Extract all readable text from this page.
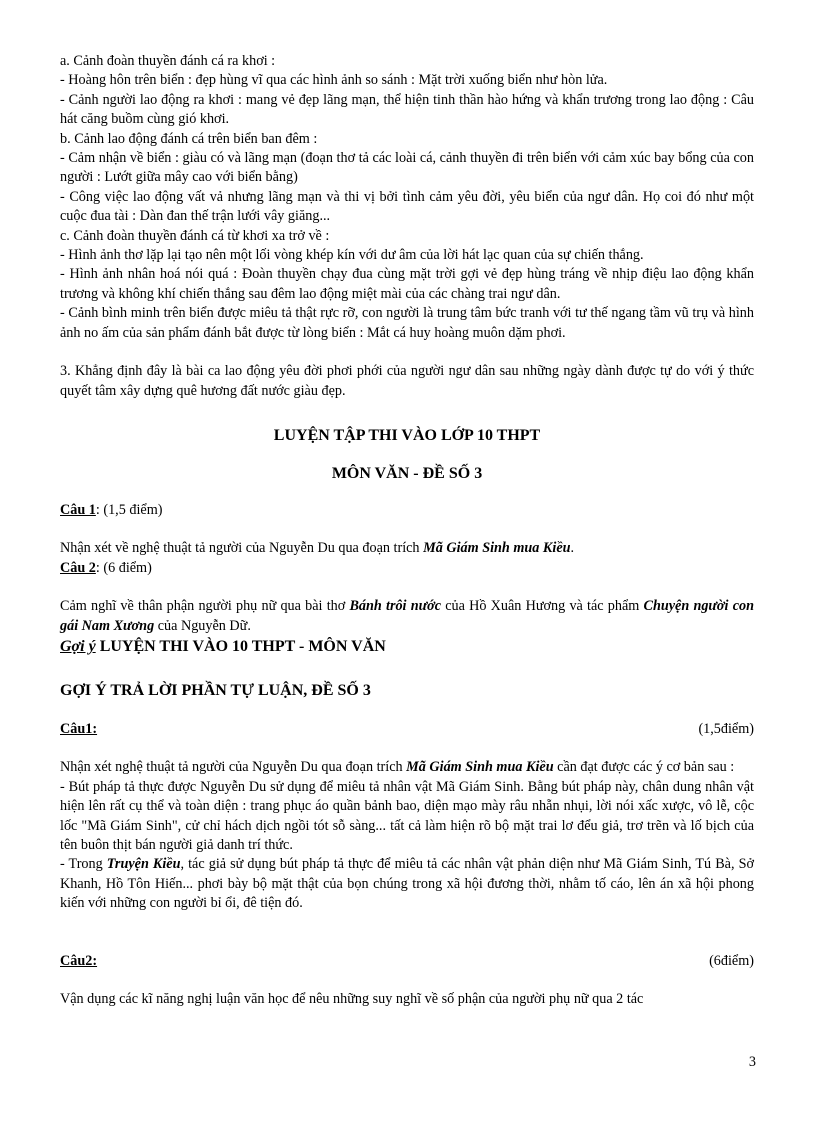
a. Cảnh đoàn thuyền đánh cá ra khơi :

- Hoàng hôn trên biển : đẹp hùng vĩ qua các hình ảnh so sánh : Mặt trời xuống biển như hòn lửa.

- Cảnh người lao động ra khơi : mang vẻ đẹp lãng mạn, thể hiện tinh thần hào hứng và khẩn trương trong lao động : Câu hát căng buồm cùng gió khơi.

b. Cảnh lao động đánh cá trên biển ban đêm :

- Cảm nhận về biển : giàu có và lãng mạn (đoạn thơ tả các loài cá, cảnh thuyền đi trên biển với cảm xúc bay bổng của con người : Lướt giữa mây cao với biển bằng)

- Công việc lao động vất vả nhưng lãng mạn và thi vị bởi tình cảm yêu đời, yêu biển của ngư dân. Họ coi đó như một cuộc đua tài : Dàn đan thế trận lưới vây giăng...

c. Cảnh đoàn thuyền đánh cá từ khơi xa trở về :

- Hình ảnh thơ lặp lại tạo nên một lối vòng khép kín với dư âm của lời hát lạc quan của sự chiến thắng.

- Hình ảnh nhân hoá nói quá : Đoàn thuyền chạy đua cùng mặt trời gợi vẻ đẹp hùng tráng về nhịp điệu lao động khẩn trương và không khí chiến thắng sau đêm lao động miệt mài của các chàng trai ngư dân.

- Cảnh bình minh trên biển được miêu tả thật rực rỡ, con người là trung tâm bức tranh với tư thế ngang tầm vũ trụ và hình ảnh no ấm của sản phẩm đánh bắt được từ lòng biển : Mắt cá huy hoàng muôn dặm phơi.

3. Khẳng định đây là bài ca lao động yêu đời phơi phới của người ngư dân sau những ngày dành được tự do với ý thức quyết tâm xây dựng quê hương đất nước giàu đẹp.

LUYỆN TẬP THI VÀO LỚP 10 THPT

MÔN VĂN - ĐỀ SỐ 3

Câu 1: (1,5 điểm)

Nhận xét về nghệ thuật tả người của Nguyễn Du qua đoạn trích Mã Giám Sinh mua Kiều.

Câu 2: (6 điểm)

Cảm nghĩ về thân phận người phụ nữ qua bài thơ Bánh trôi nước của Hồ Xuân Hương và tác phẩm Chuyện người con gái Nam Xương của Nguyễn Dữ.

Gợi ý LUYỆN THI VÀO 10 THPT - MÔN VĂN

GỢI Ý TRẢ LỜI PHẦN TỰ LUẬN, ĐỀ SỐ 3

Câu1:	(1,5điểm)

Nhận xét nghệ thuật tả người của Nguyễn Du qua đoạn trích Mã Giám Sinh mua Kiều cần đạt được các ý cơ bản sau :

- Bút pháp tả thực được Nguyễn Du sử dụng để miêu tả nhân vật Mã Giám Sinh. Bằng bút pháp này, chân dung nhân vật hiện lên rất cụ thể và toàn diện : trang phục áo quần bảnh bao, diện mạo mày râu nhẵn nhụi, lời nói xấc xược, vô lễ, cộc lốc "Mã Giám Sinh", cử chỉ hách dịch ngồi tót sỗ sàng... tất cả làm hiện rõ bộ mặt trai lơ đểu giả, trơ trẽn và lố bịch của tên buôn thịt bán người giả danh trí thức.

- Trong Truyện Kiều, tác giả sử dụng bút pháp tả thực để miêu tả các nhân vật phản diện như Mã Giám Sinh, Tú Bà, Sở Khanh, Hồ Tôn Hiến... phơi bày bộ mặt thật của bọn chúng trong xã hội đương thời, nhằm tố cáo, lên án xã hội phong kiến với những con người bỉ ổi, đê tiện đó.

Câu2:	(6điểm)

Vận dụng các kĩ năng nghị luận văn học để nêu những suy nghĩ về số phận của người phụ nữ qua 2 tác

3
